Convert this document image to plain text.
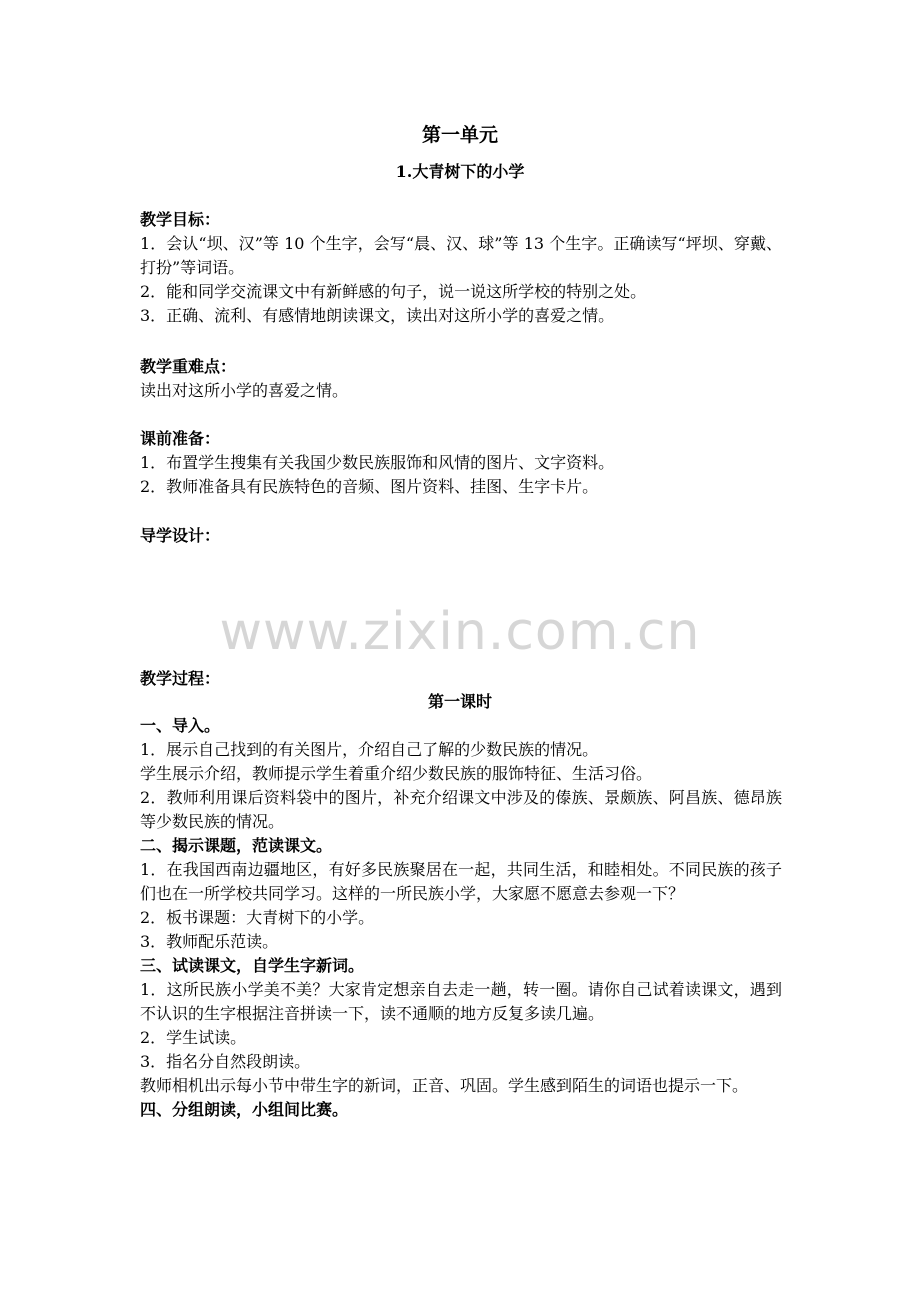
第一单元
1.大青树下的小学
教学目标：
1．会认“坝、汉”等 10 个生字，会写“晨、汉、球”等 13 个生字。正确读写“坪坝、穿戴、打扮”等词语。
2．能和同学交流课文中有新鲜感的句子，说一说这所学校的特别之处。
3．正确、流利、有感情地朗读课文，读出对这所小学的喜爱之情。
教学重难点：
读出对这所小学的喜爱之情。
课前准备：
1．布置学生搜集有关我国少数民族服饰和风情的图片、文字资料。
2．教师准备具有民族特色的音频、图片资料、挂图、生字卡片。
导学设计：
www.zixin.com.cn
教学过程：
第一课时
一、导入。
1．展示自己找到的有关图片，介绍自己了解的少数民族的情况。
学生展示介绍，教师提示学生着重介绍少数民族的服饰特征、生活习俗。
2．教师利用课后资料袋中的图片，补充介绍课文中涉及的傣族、景颇族、阿昌族、德昂族等少数民族的情况。
二、揭示课题，范读课文。
1．在我国西南边疆地区，有好多民族聚居在一起，共同生活，和睦相处。不同民族的孩子们也在一所学校共同学习。这样的一所民族小学，大家愿不愿意去参观一下？
2．板书课题：大青树下的小学。
3．教师配乐范读。
三、试读课文，自学生字新词。
1．这所民族小学美不美？大家肯定想亲自去走一趟，转一圈。请你自己试着读课文，遇到不认识的生字根据注音拼读一下，读不通顺的地方反复多读几遍。
2．学生试读。
3．指名分自然段朗读。
教师相机出示每小节中带生字的新词，正音、巩固。学生感到陌生的词语也提示一下。
四、分组朗读，小组间比赛。
